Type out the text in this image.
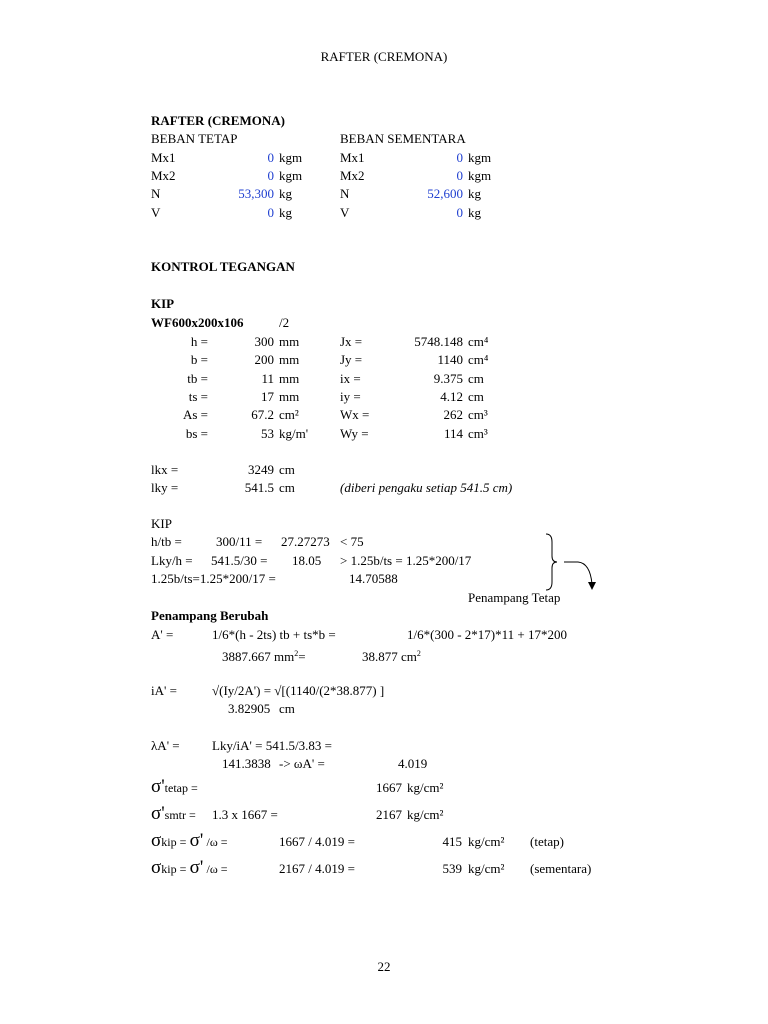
RAFTER (CREMONA)
RAFTER (CREMONA)
BEBAN TETAP
Mx1	0 kgm
Mx2	0 kgm
N	53,300 kg
V	0 kg
BEBAN SEMENTARA
Mx1	0 kgm
Mx2	0 kgm
N	52,600 kg
V	0 kg
KONTROL TEGANGAN
KIP
WF600x200x106	/2
h =	300 mm
b =	200 mm
tb =	11 mm
ts =	17 mm
As =	67.2 cm²
bs =	53 kg/m'
Jx =	5748.148 cm⁴
Jy =	1140 cm⁴
ix =	9.375 cm
iy =	4.12 cm
Wx =	262 cm³
Wy =	114 cm³
lkx =	3249 cm
lky =	541.5 cm	(diberi pengaku setiap 541.5 cm)
KIP
h/tb =	300/11 = 27.27273 < 75
Lky/h = 541.5/30 = 18.05 > 1.25b/ts = 1.25*200/17
1.25b/ts=1.25*200/17 =	14.70588
Penampang Tetap
Penampang Berubah
A' =	1/6*(h - 2ts) tb + ts*b =	1/6*(300 - 2*17)*11 + 17*200
3887.667 $mm^2=$	38.877 $cm^2$
iA' =	√(Iy/2A') = √[(1140/(2*38.877) ]
3.82905 cm
λA' = Lky/iA' = 541.5/3.83 =
141.3838 -> ωA' =	4.019
σ'tetap =	1667 kg/cm²
σ'smtr = 1.3 x 1667 =	2167 kg/cm²
σkip = σ' /ω =	1667 / 4.019 =	415 kg/cm² (tetap)
σkip = σ' /ω =	2167 / 4.019 =	539 kg/cm² (sementara)
22
